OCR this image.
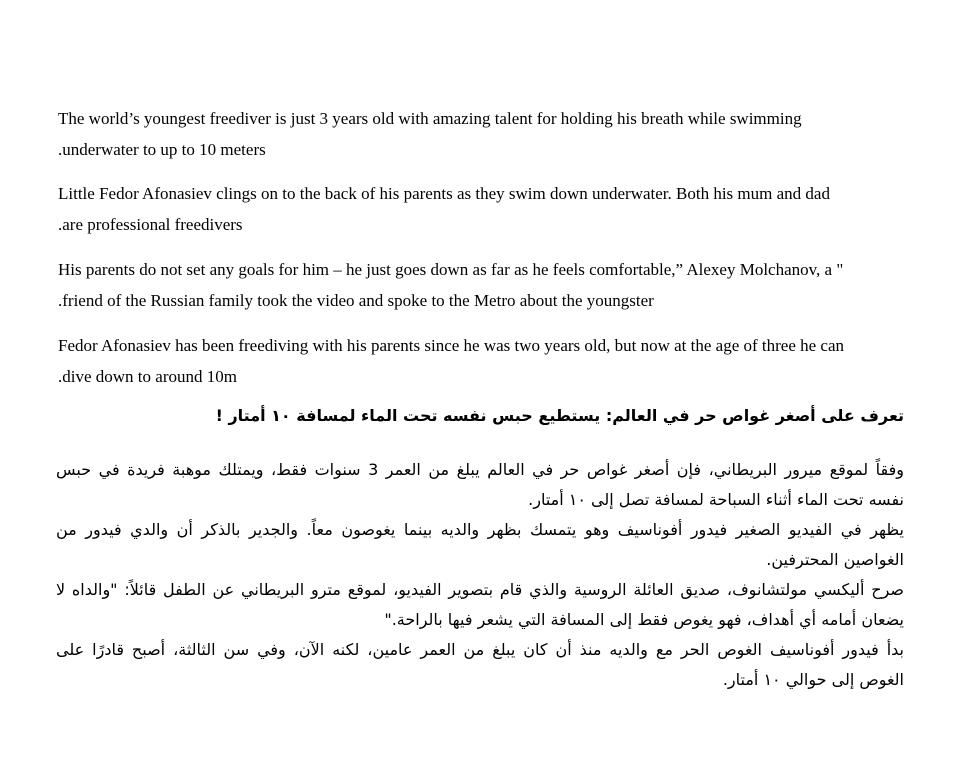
The world’s youngest freediver is just 3 years old with amazing talent for holding his breath while swimming
.underwater to up to 10 meters
Little Fedor Afonasiev clings on to the back of his parents as they swim down underwater. Both his mum and dad
.are professional freedivers
His parents do not set any goals for him – he just goes down as far as he feels comfortable,” Alexey Molchanov, a "
.friend of the Russian family took the video and spoke to the Metro about the youngster
Fedor Afonasiev has been freediving with his parents since he was two years old, but now at the age of three he can
.dive down to around 10m
تعرف على أصغر غواص حر في العالم: يستطيع حبس نفسه تحت الماء لمسافة ١٠ أمتار !
وفقاً لموقع ميرور البريطاني، فإن أصغر غواص حر في العالم يبلغ من العمر 3 سنوات فقط، ويمتلك موهبة فريدة في حبس
نفسه تحت الماء أثناء السباحة لمسافة تصل إلى ١٠ أمتار.
يظهر في الفيديو الصغير فيدور أفوناسيف وهو يتمسك بظهر والديه بينما يغوصون معاً. والجدير بالذكر أن والدي فيدور من
الغواصين المحترفين.
صرح أليكسي مولتشانوف، صديق العائلة الروسية والذي قام بتصوير الفيديو، لموقع مترو البريطاني عن الطفل قائلاً: "والداه لا
يضعان أمامه أي أهداف، فهو يغوص فقط إلى المسافة التي يشعر فيها بالراحة."
بدأ فيدور أفوناسيف الغوص الحر مع والديه منذ أن كان يبلغ من العمر عامين، لكنه الآن، وفي سن الثالثة، أصبح قادرًا على
الغوص إلى حوالي ١٠ أمتار.
